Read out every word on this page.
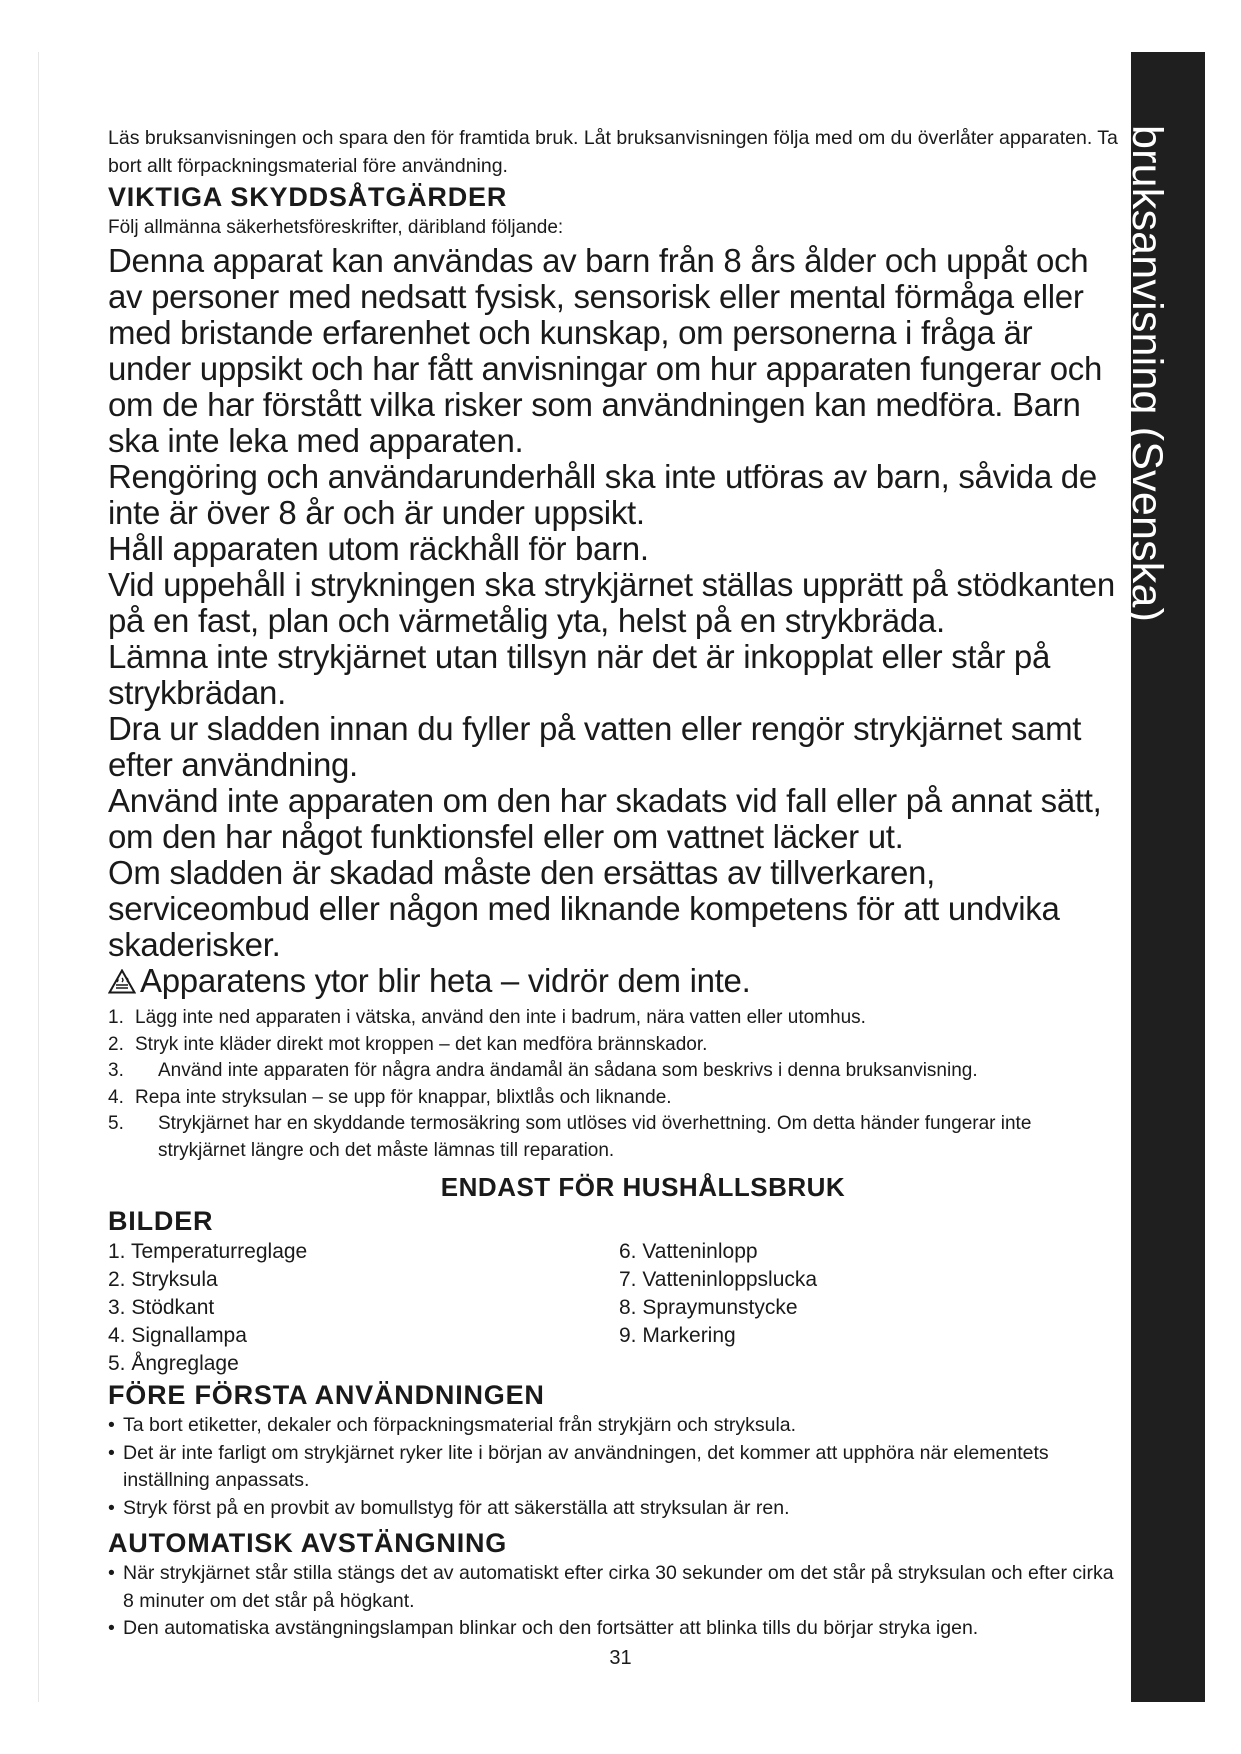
bruksanvisning (Svenska)
Läs bruksanvisningen och spara den för framtida bruk. Låt bruksanvisningen följa med om du överlåter apparaten. Ta bort allt förpackningsmaterial före användning.
VIKTIGA SKYDDSÅTGÄRDER
Följ allmänna säkerhetsföreskrifter, däribland följande:

Denna apparat kan användas av barn från 8 års ålder och uppåt och av personer med nedsatt fysisk, sensorisk eller mental förmåga eller med bristande erfarenhet och kunskap, om personerna i fråga är under uppsikt och har fått anvisningar om hur apparaten fungerar och om de har förstått vilka risker som användningen kan medföra. Barn ska inte leka med apparaten.

Rengöring och användarunderhåll ska inte utföras av barn, såvida de inte är över 8 år och är under uppsikt.

Håll apparaten utom räckhåll för barn.

Vid uppehåll i strykningen ska strykjärnet ställas upprätt på stödkanten på en fast, plan och värmetålig yta, helst på en strykbräda.

Lämna inte strykjärnet utan tillsyn när det är inkopplat eller står på strykbrädan.

Dra ur sladden innan du fyller på vatten eller rengör strykjärnet samt efter användning.

Använd inte apparaten om den har skadats vid fall eller på annat sätt, om den har något funktionsfel eller om vattnet läcker ut.

Om sladden är skadad måste den ersättas av tillverkaren, serviceombud eller någon med liknande kompetens för att undvika skaderisker.

Apparatens ytor blir heta – vidrör dem inte.

1. Lägg inte ned apparaten i vätska, använd den inte i badrum, nära vatten eller utomhus.
2. Stryk inte kläder direkt mot kroppen – det kan medföra brännskador.
3.	Använd inte apparaten för några andra ändamål än sådana som beskrivs i denna bruksanvisning.
4. Repa inte stryksulan – se upp för knappar, blixtlås och liknande.
5.	Strykjärnet har en skyddande termosäkring som utlöses vid överhettning. Om detta händer fungerar inte strykjärnet längre och det måste lämnas till reparation.
ENDAST FÖR HUSHÅLLSBRUK
BILDER
1. Temperaturreglage
2. Stryksula
3. Stödkant
4. Signallampa
5. Ångreglage
6. Vatteninlopp
7. Vatteninloppslucka
8. Spraymunstycke
9. Markering
FÖRE FÖRSTA ANVÄNDNINGEN
• Ta bort etiketter, dekaler och förpackningsmaterial från strykjärn och stryksula.
• Det är inte farligt om strykjärnet ryker lite i början av användningen, det kommer att upphöra när elementets inställning anpassats.
• Stryk först på en provbit av bomullstyg för att säkerställa att stryksulan är ren.
AUTOMATISK AVSTÄNGNING
• När strykjärnet står stilla stängs det av automatiskt efter cirka 30 sekunder om det står på stryksulan och efter cirka 8 minuter om det står på högkant.
• Den automatiska avstängningslampan blinkar och den fortsätter att blinka tills du börjar stryka igen.
31
